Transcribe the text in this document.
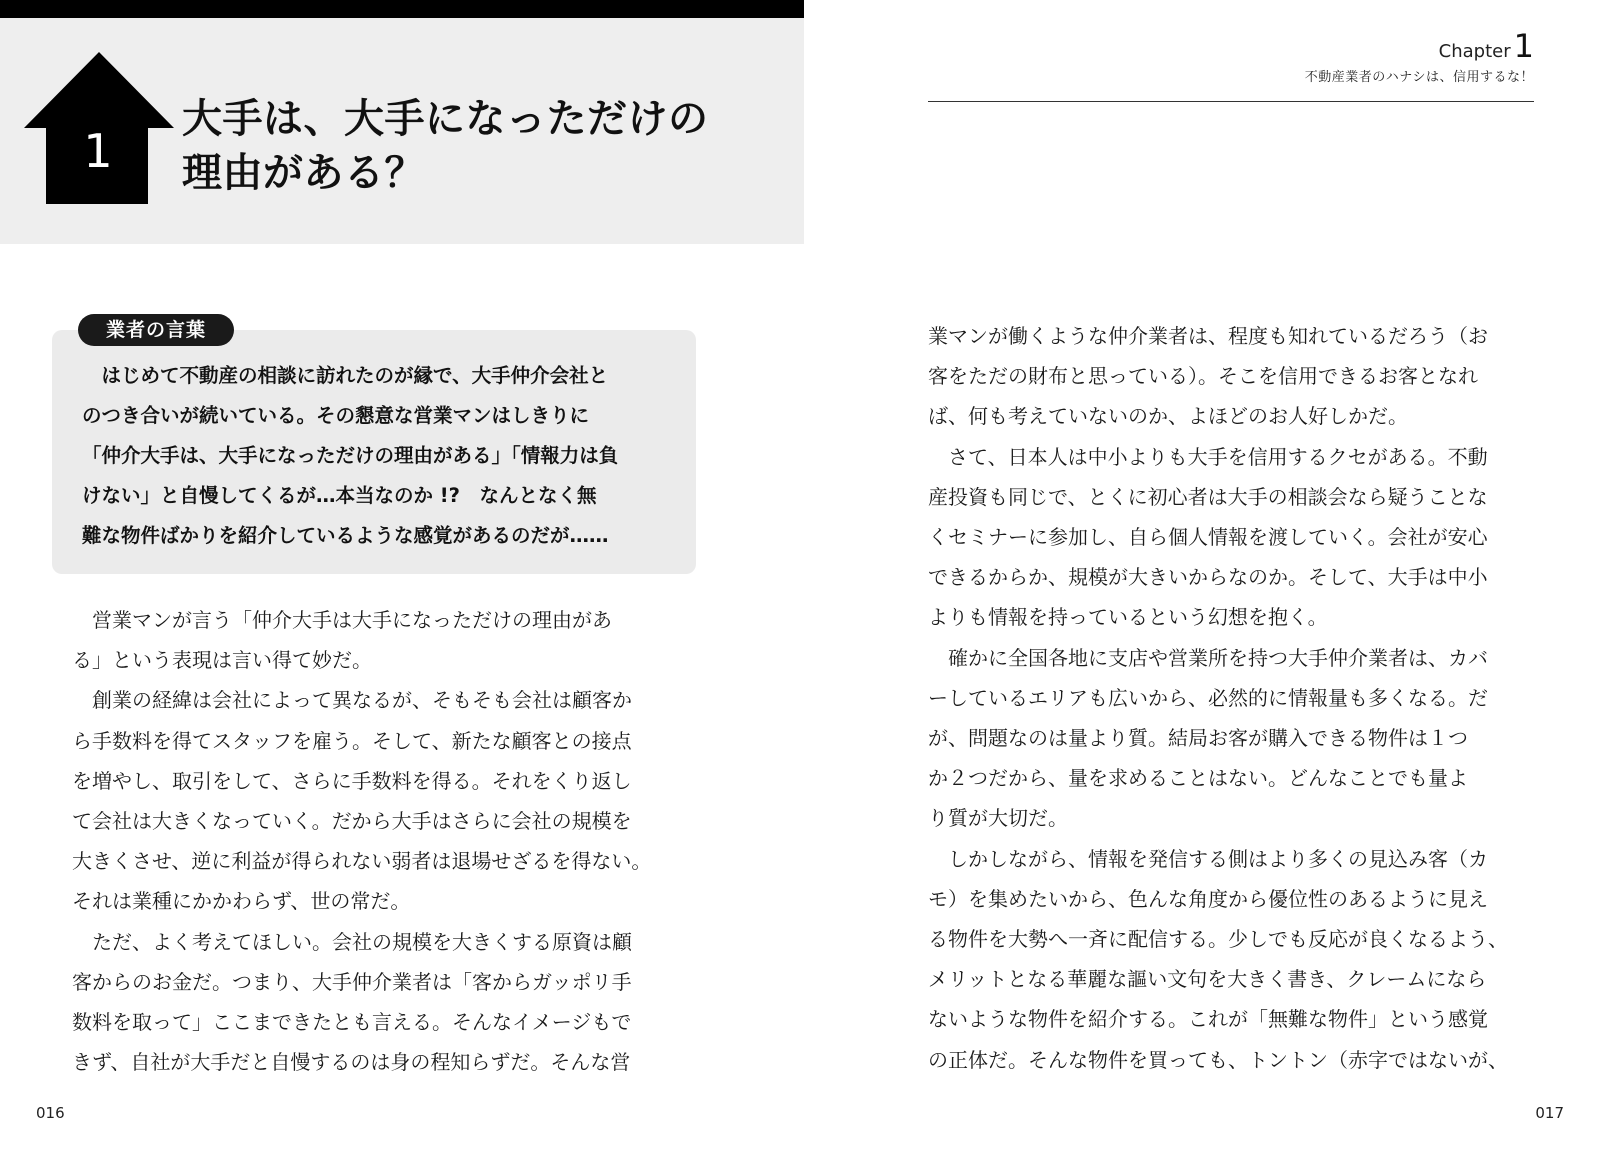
1
大手は、大手になっただけの
理由がある？
業者の言葉
　はじめて不動産の相談に訪れたのが縁で、大手仲介会社と
のつき合いが続いている。その懇意な営業マンはしきりに
「仲介大手は、大手になっただけの理由がある」「情報力は負
けない」と自慢してくるが…本当なのか !?　なんとなく無
難な物件ばかりを紹介しているような感覚があるのだが……
　営業マンが言う「仲介大手は大手になっただけの理由があ
る」という表現は言い得て妙だ。
　創業の経緯は会社によって異なるが、そもそも会社は顧客か
ら手数料を得てスタッフを雇う。そして、新たな顧客との接点
を増やし、取引をして、さらに手数料を得る。それをくり返し
て会社は大きくなっていく。だから大手はさらに会社の規模を
大きくさせ、逆に利益が得られない弱者は退場せざるを得ない。
それは業種にかかわらず、世の常だ。
　ただ、よく考えてほしい。会社の規模を大きくする原資は顧
客からのお金だ。つまり、大手仲介業者は「客からガッポリ手
数料を取って」ここまできたとも言える。そんなイメージもで
きず、自社が大手だと自慢するのは身の程知らずだ。そんな営
016
Chapter1
不動産業者のハナシは、信用するな！
業マンが働くような仲介業者は、程度も知れているだろう（お
客をただの財布と思っている）。そこを信用できるお客となれ
ば、何も考えていないのか、よほどのお人好しかだ。
　さて、日本人は中小よりも大手を信用するクセがある。不動
産投資も同じで、とくに初心者は大手の相談会なら疑うことな
くセミナーに参加し、自ら個人情報を渡していく。会社が安心
できるからか、規模が大きいからなのか。そして、大手は中小
よりも情報を持っているという幻想を抱く。
　確かに全国各地に支店や営業所を持つ大手仲介業者は、カバ
ーしているエリアも広いから、必然的に情報量も多くなる。だ
が、問題なのは量より質。結局お客が購入できる物件は１つ
か２つだから、量を求めることはない。どんなことでも量よ
り質が大切だ。
　しかしながら、情報を発信する側はより多くの見込み客（カ
モ）を集めたいから、色んな角度から優位性のあるように見え
る物件を大勢へ一斉に配信する。少しでも反応が良くなるよう、
メリットとなる華麗な謳い文句を大きく書き、クレームになら
ないような物件を紹介する。これが「無難な物件」という感覚
の正体だ。そんな物件を買っても、トントン（赤字ではないが、
017
